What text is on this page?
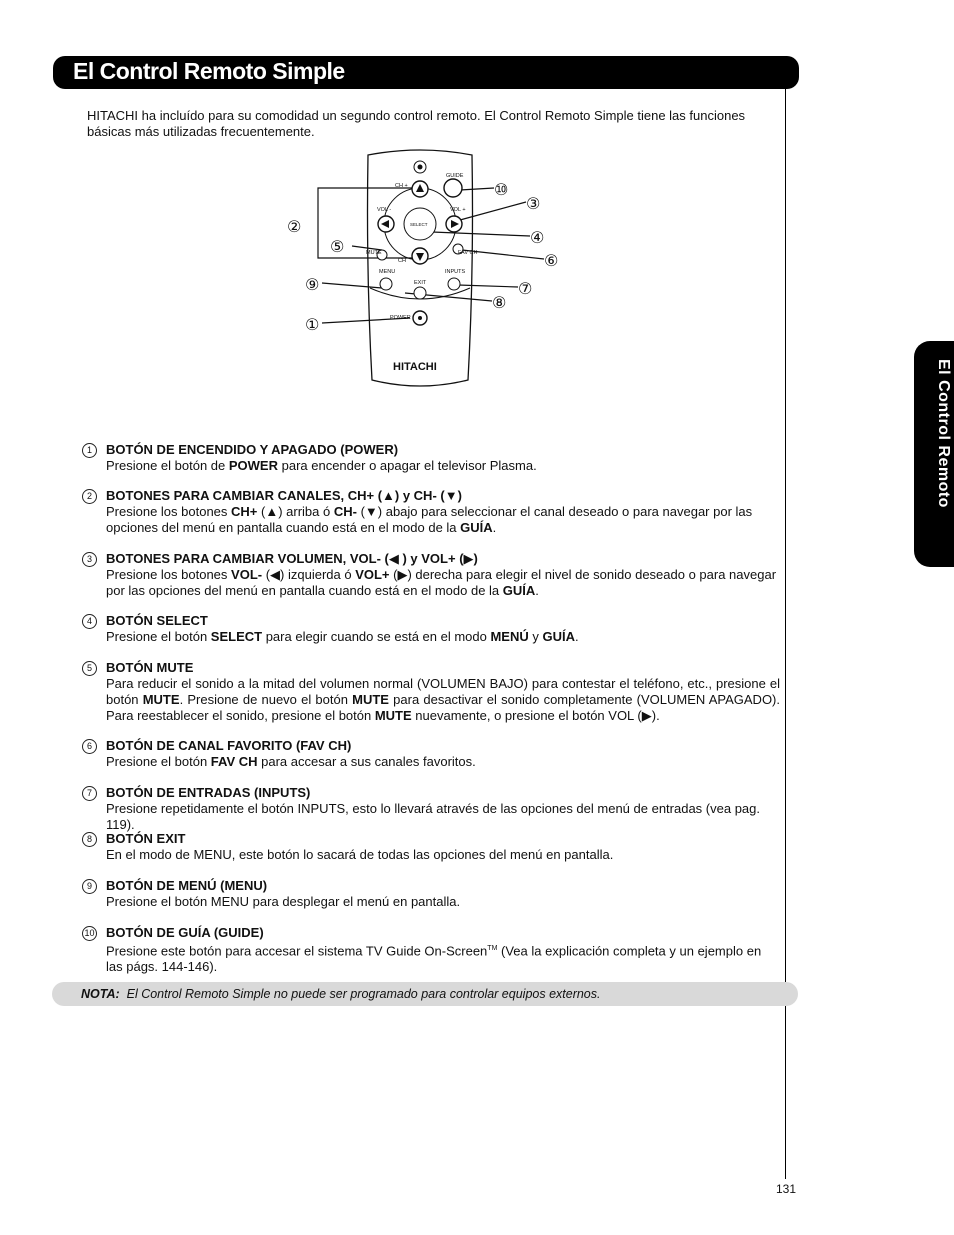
El Control Remoto Simple
El Control Remoto
HITACHI ha incluído para su comodidad un segundo control remoto. El Control Remoto Simple tiene las funciones básicas más utilizadas frecuentemente.
CH +
GUIDE
VOL -	VOL +
SELECT
MUTE	FAV CH
CH
MENU	INPUTS
EXIT
POWER
HITACHI
②
⑤
⑨
①
⑩
③
④
⑥
⑦
⑧
1	BOTÓN DE ENCENDIDO Y APAGADO (POWER)
Presione el botón de POWER para encender o apagar el televisor Plasma.
2	BOTONES PARA CAMBIAR CANALES, CH+ (▲) y CH- (▼)
Presione los botones CH+ (▲) arriba ó CH- (▼) abajo para seleccionar el canal deseado o para navegar por las opciones del menú en pantalla cuando está en el modo de la GUÍA.
3	BOTONES PARA CAMBIAR VOLUMEN, VOL- (◀ ) y VOL+ (▶)
Presione los botones VOL- (◀) izquierda ó VOL+ (▶) derecha para elegir el nivel de sonido deseado o para navegar por las opciones del menú en pantalla cuando está en el modo de la GUÍA.
4	BOTÓN SELECT
Presione el botón SELECT para elegir cuando se está en el modo MENÚ y GUÍA.
5	BOTÓN MUTE
Para reducir el sonido a la mitad del volumen normal (VOLUMEN BAJO) para contestar el teléfono, etc., presione el botón MUTE. Presione de nuevo el botón MUTE para desactivar el sonido completamente (VOLUMEN APAGADO). Para reestablecer el sonido, presione el botón MUTE nuevamente, o presione el botón VOL (▶).
6	BOTÓN DE CANAL FAVORITO (FAV CH)
Presione el botón FAV CH para accesar a sus canales favoritos.
7	BOTÓN DE ENTRADAS (INPUTS)
Presione repetidamente el botón INPUTS, esto lo llevará através de las opciones del menú de entradas (vea pag. 119).
8	BOTÓN EXIT
En el modo de MENU, este botón lo sacará de todas las opciones del menú en pantalla.
9	BOTÓN DE MENÚ (MENU)
Presione el botón MENU para desplegar el menú en pantalla.
10 BOTÓN DE GUÍA (GUIDE)
Presione este botón para accesar el sistema TV Guide On-Screen™ (Vea la explicación completa y un ejemplo en las págs. 144-146).
NOTA: El Control Remoto Simple no puede ser programado para controlar equipos externos.
131
